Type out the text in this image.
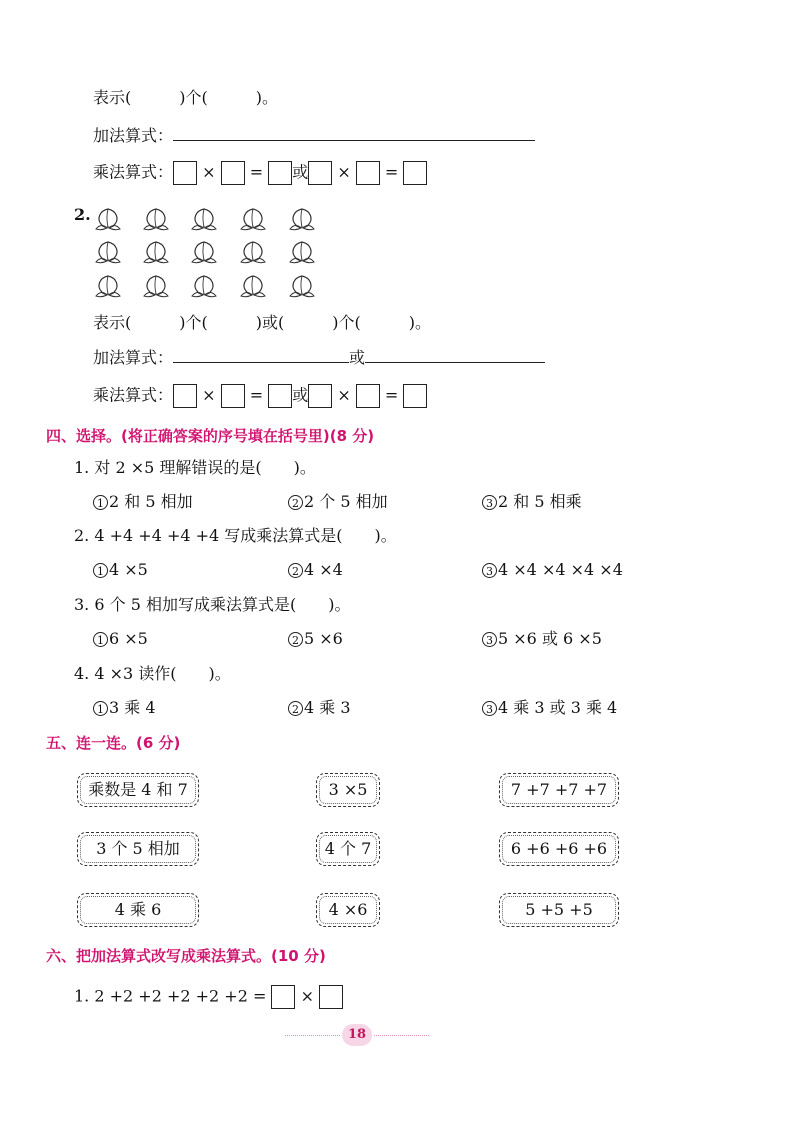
表示(　　　)个(　　　)。
加法算式：
乘法算式： × = 或 × =
2.
表示(　　　)个(　　　)或(　　　)个(　　　)。
加法算式：	或
乘法算式： × = 或 × =
四、选择。(将正确答案的序号填在括号里)(8 分)
1. 对 2 ×5 理解错误的是(　　)。
1 2 和 5 相加	2 2 个 5 相加	3 2 和 5 相乘
2. 4 +4 +4 +4 +4 写成乘法算式是(　　)。
1 4 ×5	2 4 ×4	3 4 ×4 ×4 ×4 ×4
3. 6 个 5 相加写成乘法算式是(　　)。
1 6 ×5	2 5 ×6	3 5 ×6 或 6 ×5
4. 4 ×3 读作(　　)。
1 3 乘 4	2 4 乘 3	3 4 乘 3 或 3 乘 4
五、连一连。(6 分)
乘数是 4 和 7
3 个 5 相加
4 乘 6
3 ×5
4 个 7
4 ×6
7 +7 +7 +7
6 +6 +6 +6
5 +5 +5
六、把加法算式改写成乘法算式。(10 分)
1. 2 +2 +2 +2 +2 +2 = ×
18
